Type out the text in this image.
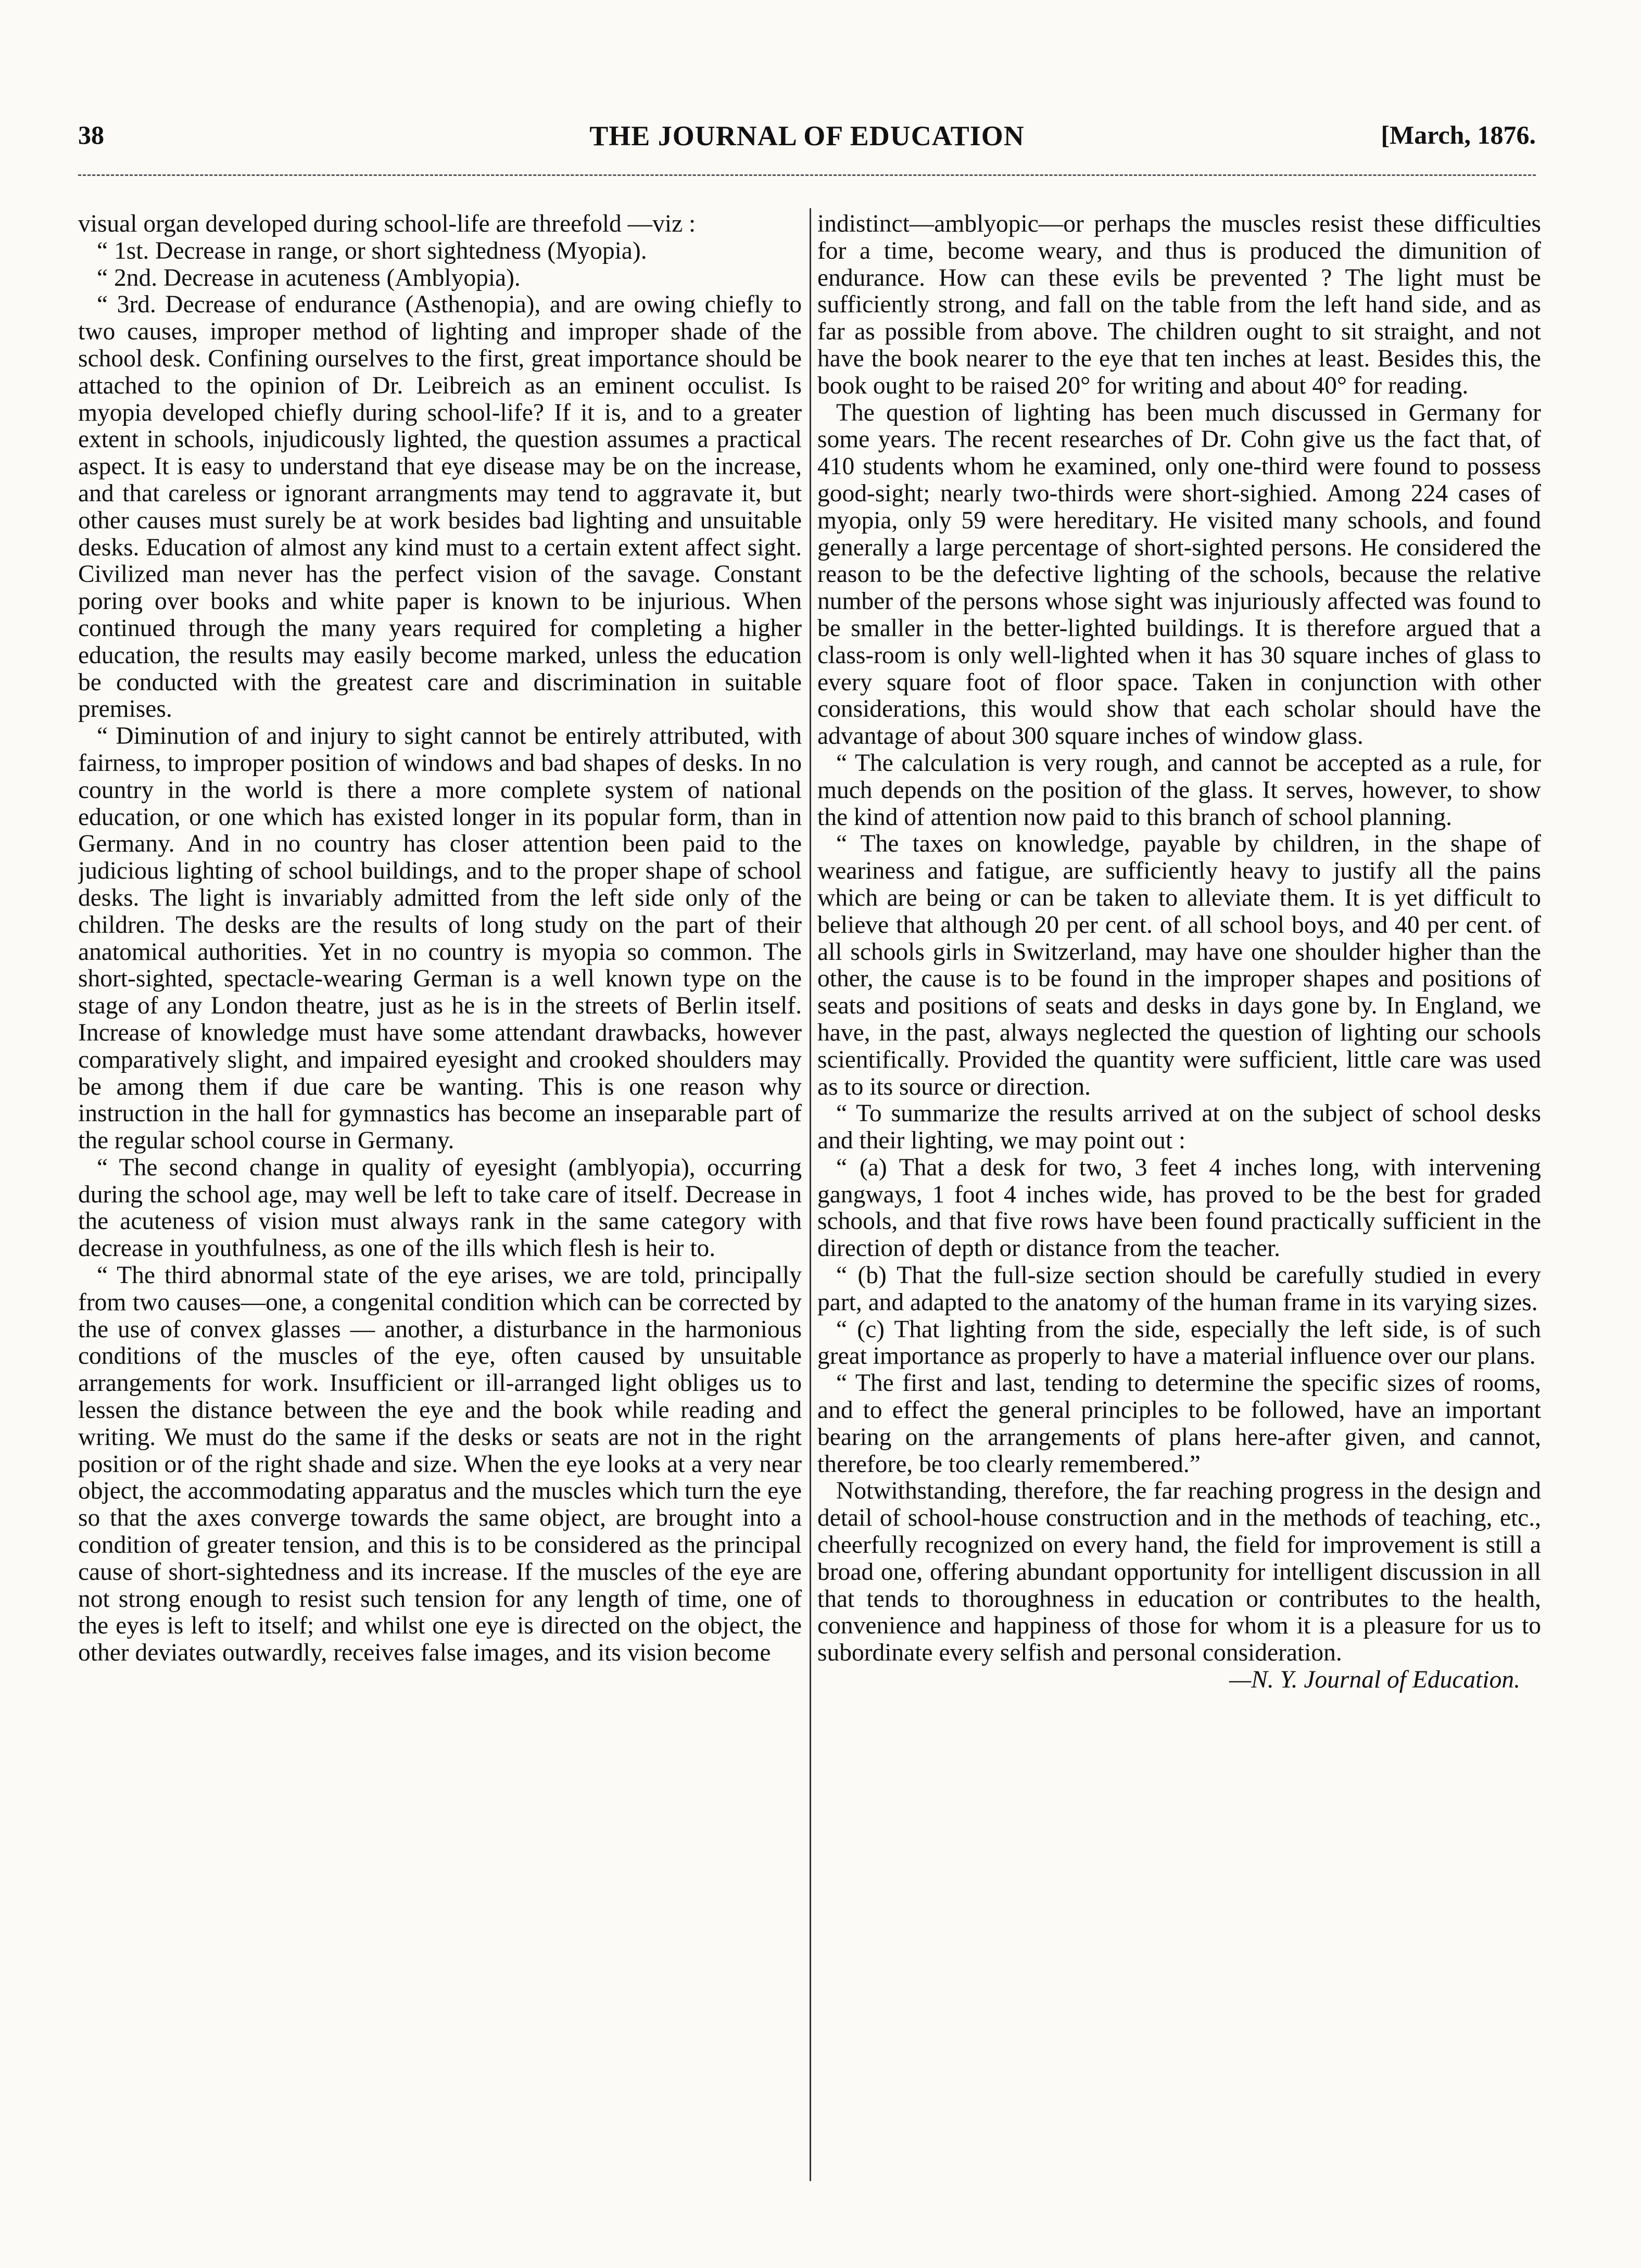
38	THE JOURNAL OF EDUCATION	[March, 1876.

visual organ developed during school-life are threefold —viz :

“ 1st. Decrease in range, or short sightedness (Myopia).

“ 2nd. Decrease in acuteness (Amblyopia).

“ 3rd. Decrease of endurance (Asthenopia), and are owing chiefly to two causes, improper method of lighting and improper shade of the school desk. Confining ourselves to the first, great importance should be attached to the opinion of Dr. Leibreich as an eminent occulist. Is myopia developed chiefly during school-life? If it is, and to a greater extent in schools, injudicously lighted, the question assumes a practical aspect. It is easy to understand that eye disease may be on the increase, and that careless or ignorant arrangments may tend to aggravate it, but other causes must surely be at work besides bad lighting and unsuitable desks. Education of almost any kind must to a certain extent affect sight. Civilized man never has the perfect vision of the savage. Constant poring over books and white paper is known to be injurious. When continued through the many years required for completing a higher education, the results may easily become marked, unless the education be conducted with the greatest care and discrimination in suitable premises.

“ Diminution of and injury to sight cannot be entirely attributed, with fairness, to improper position of windows and bad shapes of desks. In no country in the world is there a more complete system of national education, or one which has existed longer in its popular form, than in Germany. And in no country has closer attention been paid to the judicious lighting of school buildings, and to the proper shape of school desks. The light is invariably admitted from the left side only of the children. The desks are the results of long study on the part of their anatomical authorities. Yet in no country is myopia so common. The short-sighted, spectacle-wearing German is a well known type on the stage of any London theatre, just as he is in the streets of Berlin itself. Increase of knowledge must have some attendant drawbacks, however comparatively slight, and impaired eyesight and crooked shoulders may be among them if due care be wanting. This is one reason why instruction in the hall for gymnastics has become an inseparable part of the regular school course in Germany.

“ The second change in quality of eyesight (amblyopia), occurring during the school age, may well be left to take care of itself. Decrease in the acuteness of vision must always rank in the same category with decrease in youthfulness, as one of the ills which flesh is heir to.

“ The third abnormal state of the eye arises, we are told, principally from two causes—one, a congenital condition which can be corrected by the use of convex glasses — another, a disturbance in the harmonious conditions of the muscles of the eye, often caused by unsuitable arrangements for work. Insufficient or ill-arranged light obliges us to lessen the distance between the eye and the book while reading and writing. We must do the same if the desks or seats are not in the right position or of the right shade and size. When the eye looks at a very near object, the accommodating apparatus and the muscles which turn the eye so that the axes converge towards the same object, are brought into a condition of greater tension, and this is to be considered as the principal cause of short-sightedness and its increase. If the muscles of the eye are not strong enough to resist such tension for any length of time, one of the eyes is left to itself; and whilst one eye is directed on the object, the other deviates outwardly, receives false images, and its vision become

indistinct—amblyopic—or perhaps the muscles resist these difficulties for a time, become weary, and thus is produced the dimunition of endurance. How can these evils be prevented ? The light must be sufficiently strong, and fall on the table from the left hand side, and as far as possible from above. The children ought to sit straight, and not have the book nearer to the eye that ten inches at least. Besides this, the book ought to be raised 20° for writing and about 40° for reading.

The question of lighting has been much discussed in Germany for some years. The recent researches of Dr. Cohn give us the fact that, of 410 students whom he examined, only one-third were found to possess good-sight; nearly two-thirds were short-sighied. Among 224 cases of myopia, only 59 were hereditary. He visited many schools, and found generally a large percentage of short-sighted persons. He considered the reason to be the defective lighting of the schools, because the relative number of the persons whose sight was injuriously affected was found to be smaller in the better-lighted buildings. It is therefore argued that a class-room is only well-lighted when it has 30 square inches of glass to every square foot of floor space. Taken in conjunction with other considerations, this would show that each scholar should have the advantage of about 300 square inches of window glass.

“ The calculation is very rough, and cannot be accepted as a rule, for much depends on the position of the glass. It serves, however, to show the kind of attention now paid to this branch of school planning.

“ The taxes on knowledge, payable by children, in the shape of weariness and fatigue, are sufficiently heavy to justify all the pains which are being or can be taken to alleviate them. It is yet difficult to believe that although 20 per cent. of all school boys, and 40 per cent. of all schools girls in Switzerland, may have one shoulder higher than the other, the cause is to be found in the improper shapes and positions of seats and positions of seats and desks in days gone by. In England, we have, in the past, always neglected the question of lighting our schools scientifically. Provided the quantity were sufficient, little care was used as to its source or direction.

“ To summarize the results arrived at on the subject of school desks and their lighting, we may point out :

“ (a) That a desk for two, 3 feet 4 inches long, with intervening gangways, 1 foot 4 inches wide, has proved to be the best for graded schools, and that five rows have been found practically sufficient in the direction of depth or distance from the teacher.

“ (b) That the full-size section should be carefully studied in every part, and adapted to the anatomy of the human frame in its varying sizes.

“ (c) That lighting from the side, especially the left side, is of such great importance as properly to have a material influence over our plans.

“ The first and last, tending to determine the specific sizes of rooms, and to effect the general principles to be followed, have an important bearing on the arrangements of plans here-after given, and cannot, therefore, be too clearly remembered.”

Notwithstanding, therefore, the far reaching progress in the design and detail of school-house construction and in the methods of teaching, etc., cheerfully recognized on every hand, the field for improvement is still a broad one, offering abundant opportunity for intelligent discussion in all that tends to thoroughness in education or contributes to the health, convenience and happiness of those for whom it is a pleasure for us to subordinate every selfish and personal consideration.

—N. Y. Journal of Education.
